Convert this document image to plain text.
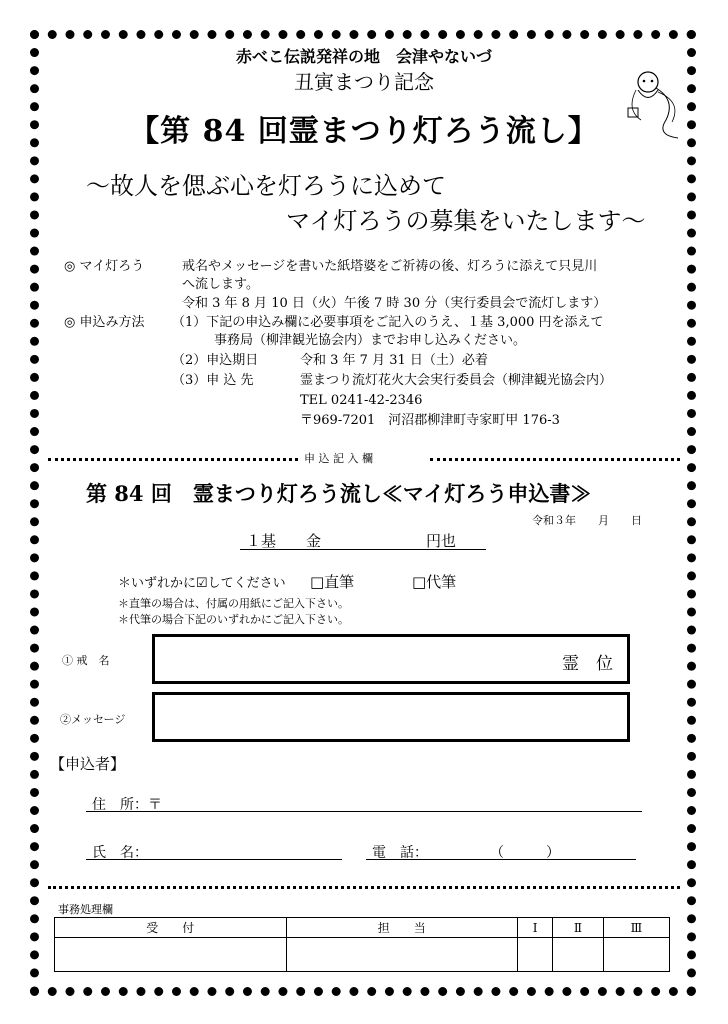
赤べこ伝説発祥の地　会津やないづ
丑寅まつり記念
【第 84 回霊まつり灯ろう流し】
～故人を偲ぶ心を灯ろうに込めて
マイ灯ろうの募集をいたします～
◎ マイ灯ろう	戒名やメッセージを書いた紙塔婆をご祈祷の後、灯ろうに添えて只見川
へ流します。
令和 3 年 8 月 10 日（火）午後 7 時 30 分（実行委員会で流灯します）
◎ 申込み方法 （1）下記の申込み欄に必要事項をご記入のうえ、１基 3,000 円を添えて
事務局（柳津観光協会内）までお申し込みください。
（2）申込期日	令和 3 年 7 月 31 日（土）必着
（3）申 込 先	霊まつり流灯花火大会実行委員会（柳津観光協会内）
TEL 0241-42-2346
〒969-7201　河沼郡柳津町寺家町甲 176-3
申 込 記 入 欄
第 84 回　霊まつり灯ろう流し≪マイ灯ろう申込書≫
令和３年　　月　　日
１基　　金　　　　　　　円也
＊いずれかに☑してください □直筆	□代筆
＊直筆の場合は、付属の用紙にご記入下さい。
＊代筆の場合下記のいずれかにご記入下さい。
① 戒　名	霊　位
②メッセージ
【申込者】
住　所：〒
氏　名：	電　話：	（　　　）
事務処理欄
受　　付	担　　当	Ⅰ	Ⅱ	Ⅲ
